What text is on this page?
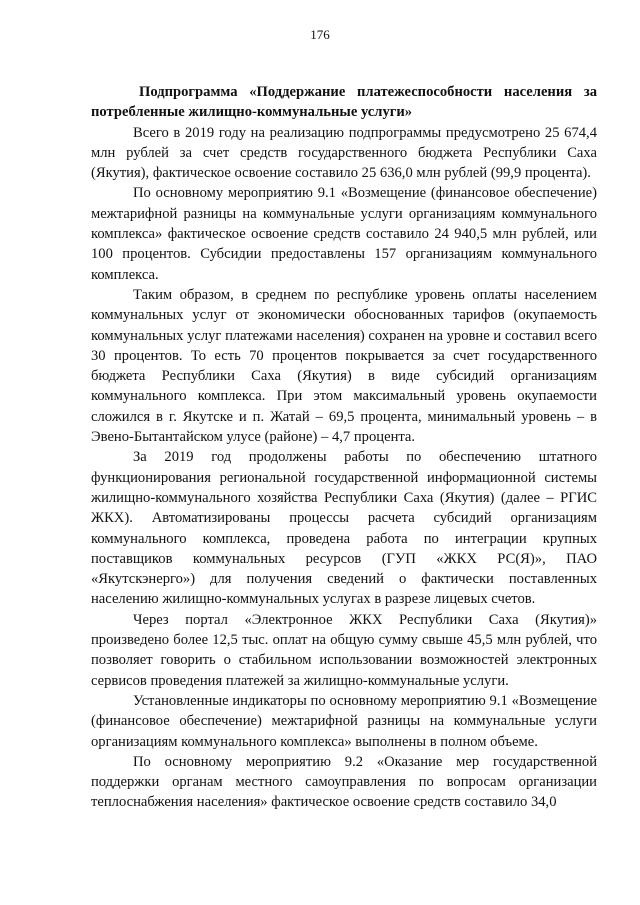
176

Подпрограмма «Поддержание платежеспособности населения за потребленные жилищно-коммунальные услуги»

Всего в 2019 году на реализацию подпрограммы предусмотрено 25 674,4 млн рублей за счет средств государственного бюджета Республики Саха (Якутия), фактическое освоение составило 25 636,0 млн рублей (99,9 процента).

По основному мероприятию 9.1 «Возмещение (финансовое обеспечение) межтарифной разницы на коммунальные услуги организациям коммунального комплекса» фактическое освоение средств составило 24 940,5 млн рублей, или 100 процентов. Субсидии предоставлены 157 организациям коммунального комплекса.

Таким образом, в среднем по республике уровень оплаты населением коммунальных услуг от экономически обоснованных тарифов (окупаемость коммунальных услуг платежами населения) сохранен на уровне и составил всего 30 процентов. То есть 70 процентов покрывается за счет государственного бюджета Республики Саха (Якутия) в виде субсидий организациям коммунального комплекса. При этом максимальный уровень окупаемости сложился в г. Якутске и п. Жатай – 69,5 процента, минимальный уровень – в Эвено-Бытантайском улусе (районе) – 4,7 процента.

За 2019 год продолжены работы по обеспечению штатного функционирования региональной государственной информационной системы жилищно-коммунального хозяйства Республики Саха (Якутия) (далее – РГИС ЖКХ). Автоматизированы процессы расчета субсидий организациям коммунального комплекса, проведена работа по интеграции крупных поставщиков коммунальных ресурсов (ГУП «ЖКХ РС(Я)», ПАО «Якутскэнерго») для получения сведений о фактически поставленных населению жилищно-коммунальных услугах в разрезе лицевых счетов.

Через портал «Электронное ЖКХ Республики Саха (Якутия)» произведено более 12,5 тыс. оплат на общую сумму свыше 45,5 млн рублей, что позволяет говорить о стабильном использовании возможностей электронных сервисов проведения платежей за жилищно-коммунальные услуги.

Установленные индикаторы по основному мероприятию 9.1 «Возмещение (финансовое обеспечение) межтарифной разницы на коммунальные услуги организациям коммунального комплекса» выполнены в полном объеме.

По основному мероприятию 9.2 «Оказание мер государственной поддержки органам местного самоуправления по вопросам организации теплоснабжения населения» фактическое освоение средств составило 34,0
